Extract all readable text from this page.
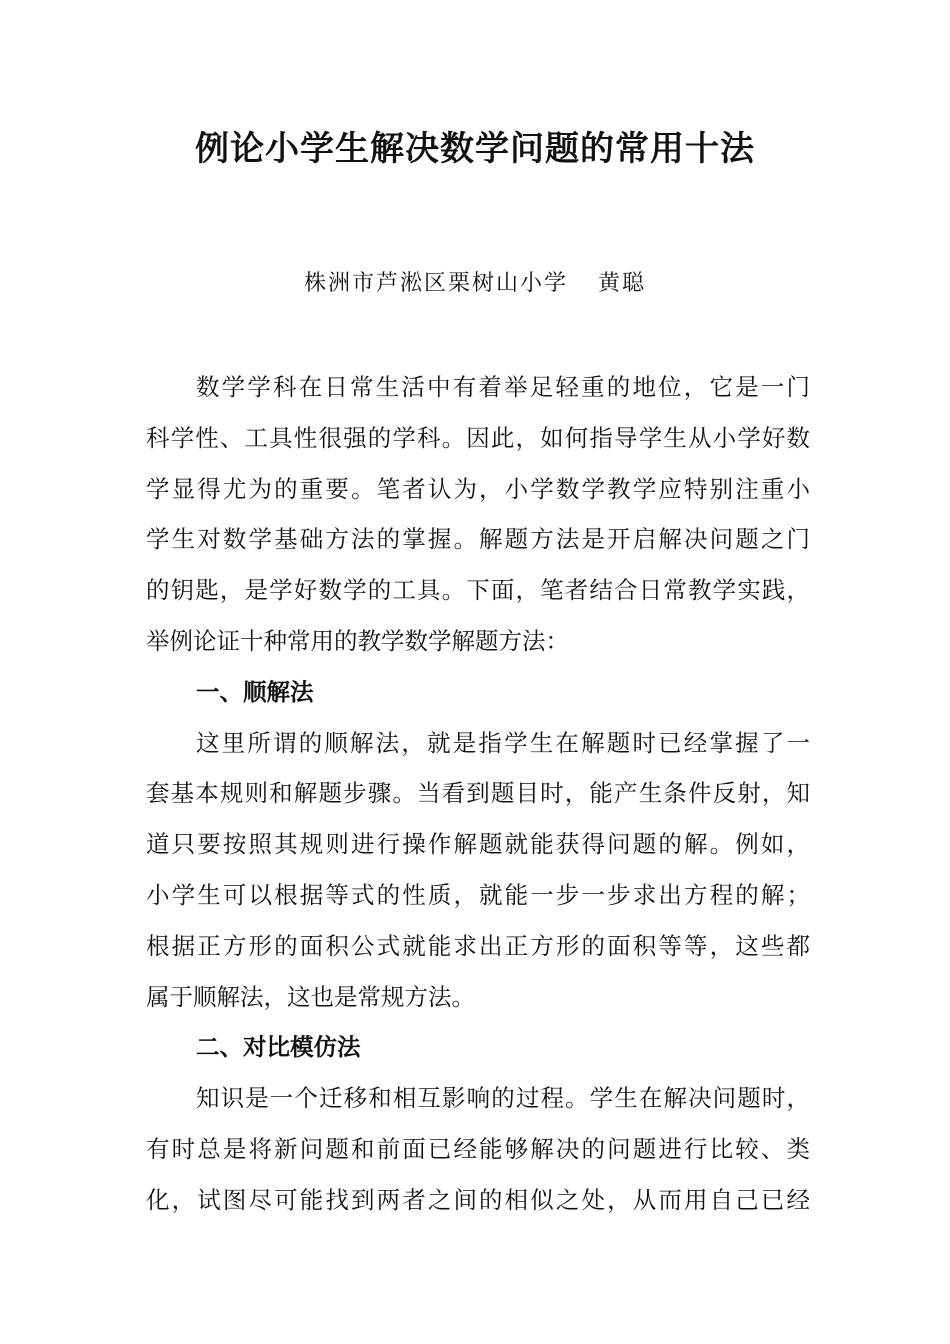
例论小学生解决数学问题的常用十法
株洲市芦淞区栗树山小学 黄聪
数学学科在日常生活中有着举足轻重的地位，它是一门
科学性、工具性很强的学科。因此，如何指导学生从小学好数
学显得尤为的重要。笔者认为，小学数学教学应特别注重小
学生对数学基础方法的掌握。解题方法是开启解决问题之门
的钥匙，是学好数学的工具。下面，笔者结合日常教学实践，
举例论证十种常用的教学数学解题方法：
一、顺解法
这里所谓的顺解法，就是指学生在解题时已经掌握了一
套基本规则和解题步骤。当看到题目时，能产生条件反射，知
道只要按照其规则进行操作解题就能获得问题的解。例如，
小学生可以根据等式的性质，就能一步一步求出方程的解；
根据正方形的面积公式就能求出正方形的面积等等，这些都
属于顺解法，这也是常规方法。
二、对比模仿法
知识是一个迁移和相互影响的过程。学生在解决问题时，
有时总是将新问题和前面已经能够解决的问题进行比较、类
化，试图尽可能找到两者之间的相似之处，从而用自己已经
